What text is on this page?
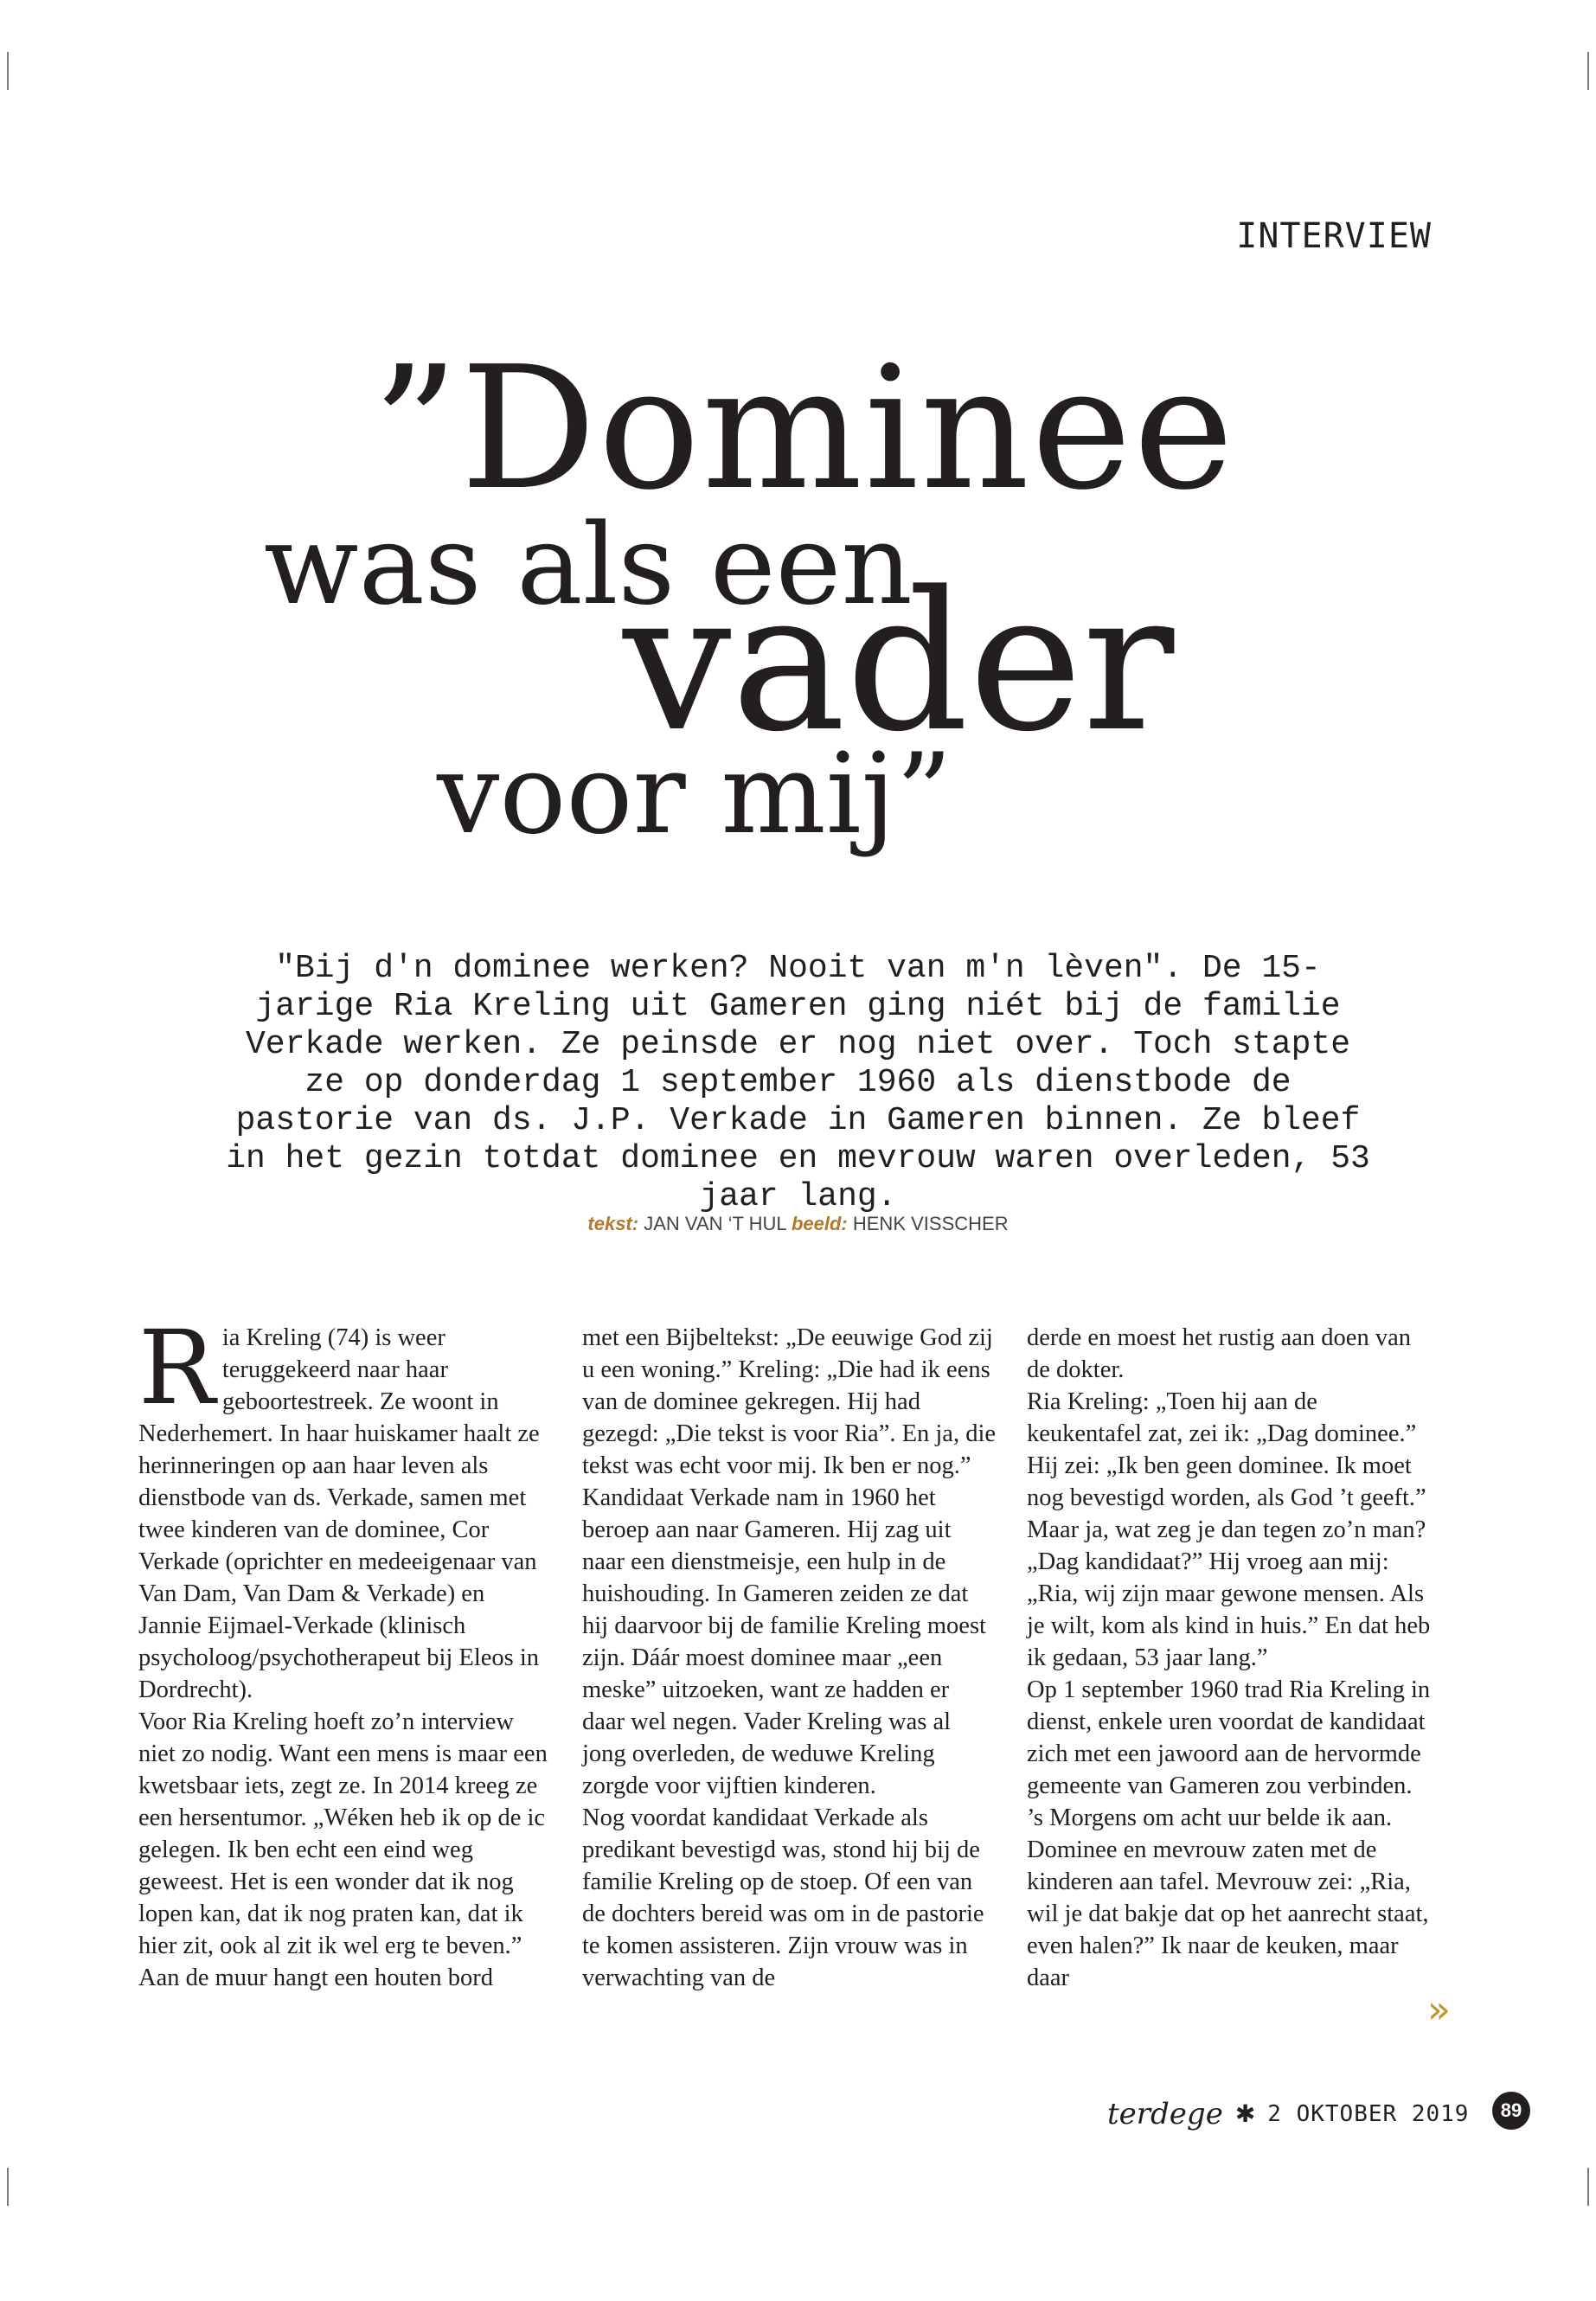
INTERVIEW
”Dominee
was als een
vader
voor mij”
"Bij d'n dominee werken? Nooit van m'n lèven". De 15-jarige Ria Kreling uit Gameren ging niét bij de familie Verkade werken. Ze peinsde er nog niet over. Toch stapte ze op donderdag 1 september 1960 als dienstbode de pastorie van ds. J.P. Verkade in Gameren binnen. Ze bleef in het gezin totdat dominee en mevrouw waren overleden, 53 jaar lang.
tekst: JAN VAN ‘T HUL beeld: HENK VISSCHER
R ia Kreling (74) is weer teruggekeerd naar haar geboortestreek. Ze woont in Nederhemert. In haar huiskamer haalt ze herinneringen op aan haar leven als dienstbode van ds. Verkade, samen met twee kinderen van de dominee, Cor Verkade (oprichter en medeeigenaar van Van Dam, Van Dam & Verkade) en Jannie Eijmael-Verkade (klinisch psycholoog/psychotherapeut bij Eleos in Dordrecht).

Voor Ria Kreling hoeft zo’n interview niet zo nodig. Want een mens is maar een kwetsbaar iets, zegt ze. In 2014 kreeg ze een hersentumor. „Wéken heb ik op de ic gelegen. Ik ben echt een eind weg geweest. Het is een wonder dat ik nog lopen kan, dat ik nog praten kan, dat ik hier zit, ook al zit ik wel erg te beven.”

Aan de muur hangt een houten bord

met een Bijbeltekst: „De eeuwige God zij u een woning.” Kreling: „Die had ik eens van de dominee gekregen. Hij had gezegd: „Die tekst is voor Ria”. En ja, die tekst was echt voor mij. Ik ben er nog.”

Kandidaat Verkade nam in 1960 het beroep aan naar Gameren. Hij zag uit naar een dienstmeisje, een hulp in de huishouding. In Gameren zeiden ze dat hij daarvoor bij de familie Kreling moest zijn. Dáár moest dominee maar „een meske” uitzoeken, want ze hadden er daar wel negen. Vader Kreling was al jong overleden, de weduwe Kreling zorgde voor vijftien kinderen.

Nog voordat kandidaat Verkade als predikant bevestigd was, stond hij bij de familie Kreling op de stoep. Of een van de dochters bereid was om in de pastorie te komen assisteren. Zijn vrouw was in verwachting van de

derde en moest het rustig aan doen van de dokter.

Ria Kreling: „Toen hij aan de keukentafel zat, zei ik: „Dag dominee.” Hij zei: „Ik ben geen dominee. Ik moet nog bevestigd worden, als God ’t geeft.” Maar ja, wat zeg je dan tegen zo’n man? „Dag kandidaat?” Hij vroeg aan mij: „Ria, wij zijn maar gewone mensen. Als je wilt, kom als kind in huis.” En dat heb ik gedaan, 53 jaar lang.”

Op 1 september 1960 trad Ria Kreling in dienst, enkele uren voordat de kandidaat zich met een jawoord aan de hervormde gemeente van Gameren zou verbinden. ’s Morgens om acht uur belde ik aan. Dominee en mevrouw zaten met de kinderen aan tafel. Mevrouw zei: „Ria, wil je dat bakje dat op het aanrecht staat, even halen?” Ik naar de keuken, maar daar

»
terdege ✱ 2 OKTOBER 2019	89
